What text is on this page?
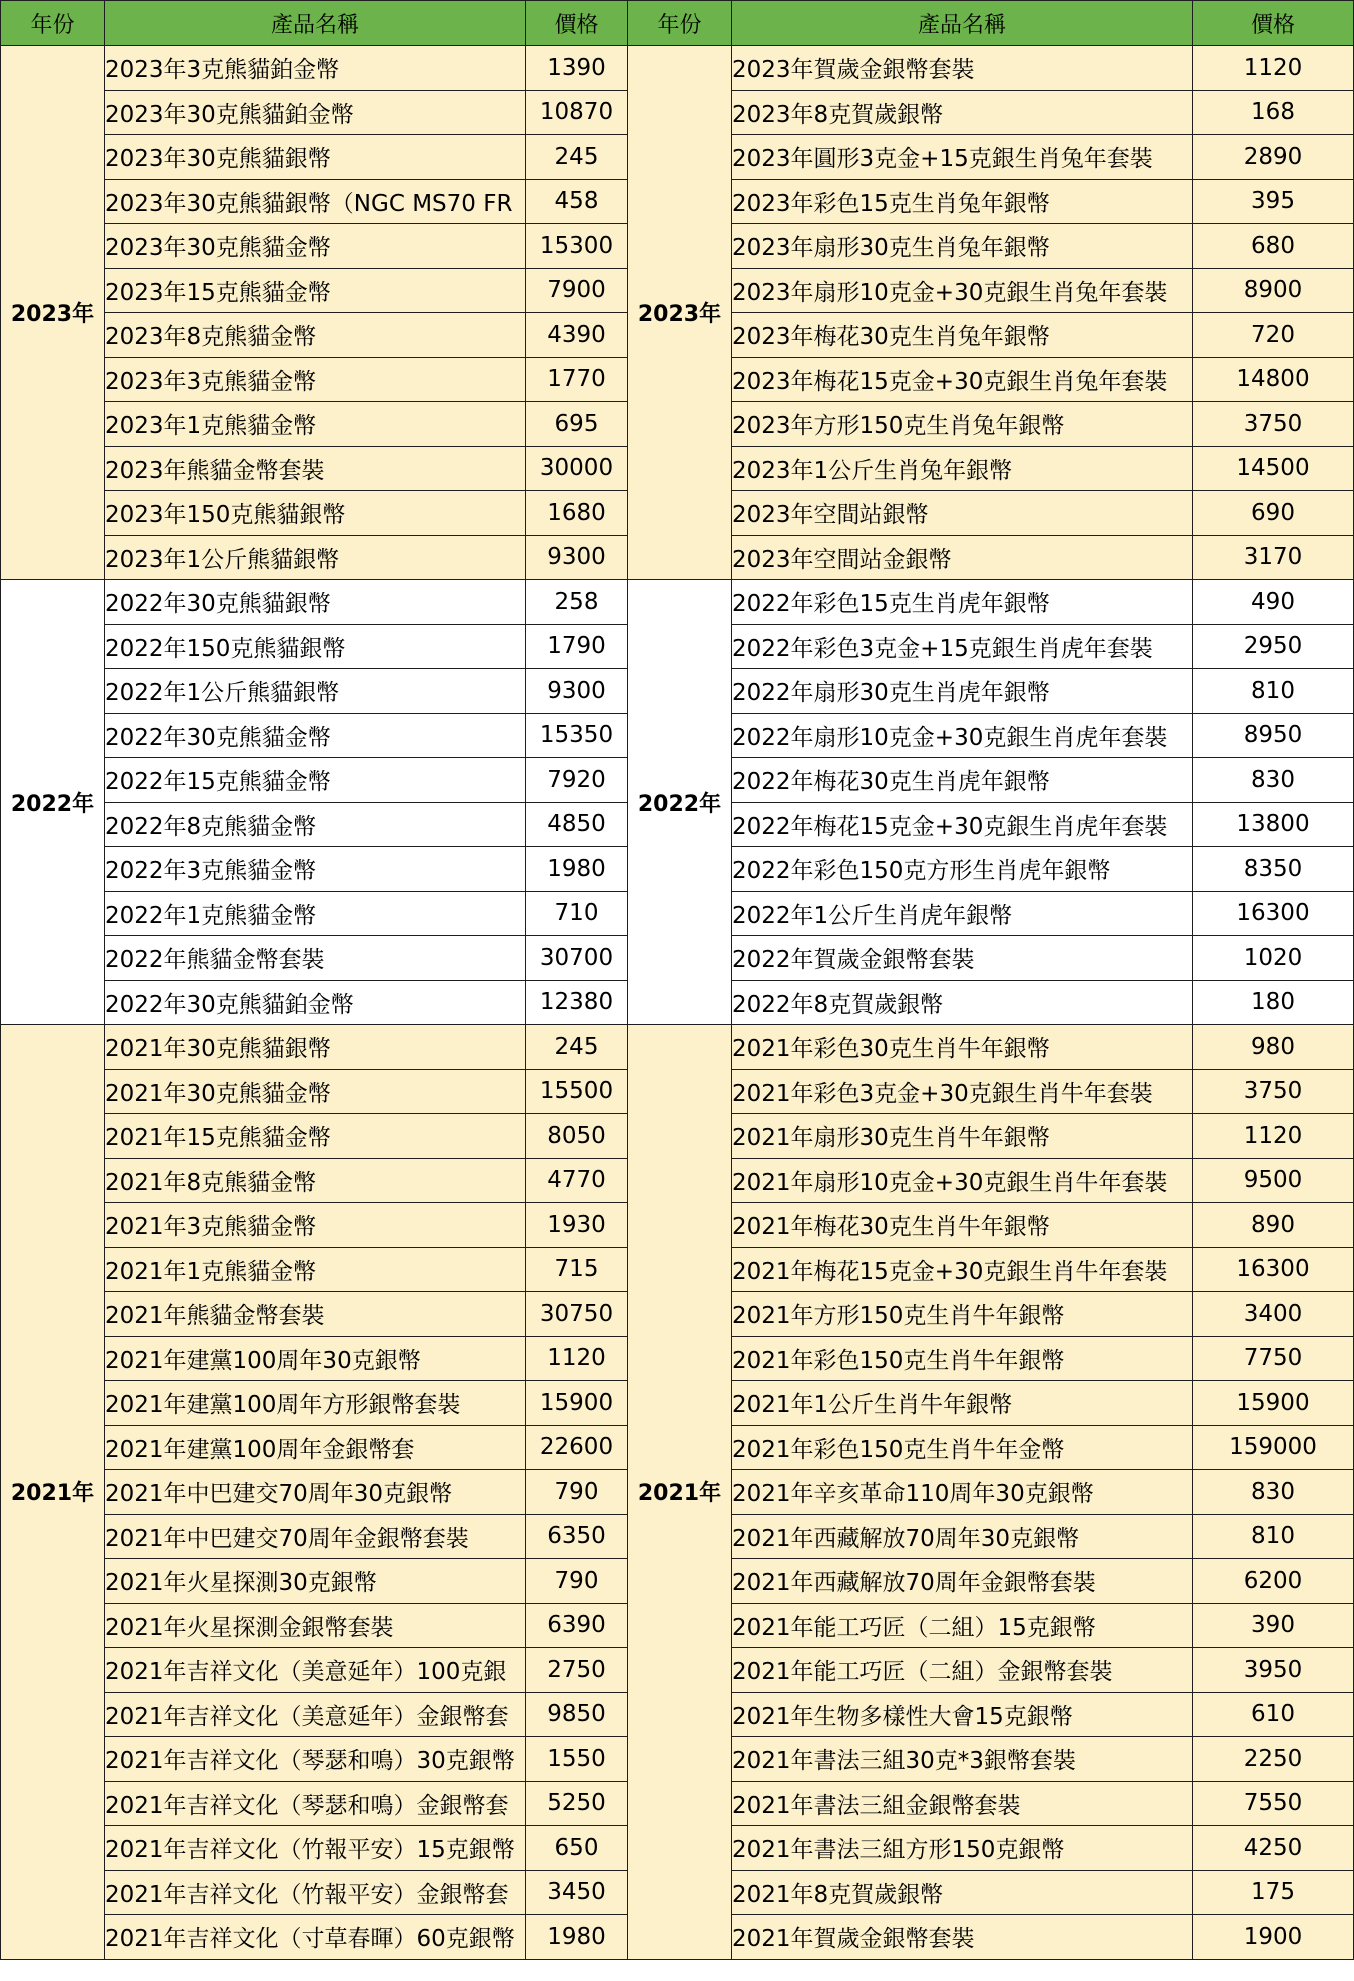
年份	產品名稱	價格	年份	產品名稱	價格
2023年	2023年3克熊貓鉑金幣	1390	2023年	2023年賀歲金銀幣套裝	1120
	2023年30克熊貓鉑金幣	10870		2023年8克賀歲銀幣	168
	2023年30克熊貓銀幣	245		2023年圓形3克金+15克銀生肖兔年套裝	2890
	2023年30克熊貓銀幣（NGC MS70 FR	458		2023年彩色15克生肖兔年銀幣	395
	2023年30克熊貓金幣	15300		2023年扇形30克生肖兔年銀幣	680
	2023年15克熊貓金幣	7900		2023年扇形10克金+30克銀生肖兔年套裝	8900
	2023年8克熊貓金幣	4390		2023年梅花30克生肖兔年銀幣	720
	2023年3克熊貓金幣	1770		2023年梅花15克金+30克銀生肖兔年套裝	14800
	2023年1克熊貓金幣	695		2023年方形150克生肖兔年銀幣	3750
	2023年熊貓金幣套裝	30000		2023年1公斤生肖兔年銀幣	14500
	2023年150克熊貓銀幣	1680		2023年空間站銀幣	690
	2023年1公斤熊貓銀幣	9300		2023年空間站金銀幣	3170
2022年	2022年30克熊貓銀幣	258	2022年	2022年彩色15克生肖虎年銀幣	490
	2022年150克熊貓銀幣	1790		2022年彩色3克金+15克銀生肖虎年套裝	2950
	2022年1公斤熊貓銀幣	9300		2022年扇形30克生肖虎年銀幣	810
	2022年30克熊貓金幣	15350		2022年扇形10克金+30克銀生肖虎年套裝	8950
	2022年15克熊貓金幣	7920		2022年梅花30克生肖虎年銀幣	830
	2022年8克熊貓金幣	4850		2022年梅花15克金+30克銀生肖虎年套裝	13800
	2022年3克熊貓金幣	1980		2022年彩色150克方形生肖虎年銀幣	8350
	2022年1克熊貓金幣	710		2022年1公斤生肖虎年銀幣	16300
	2022年熊貓金幣套裝	30700		2022年賀歲金銀幣套裝	1020
	2022年30克熊貓鉑金幣	12380		2022年8克賀歲銀幣	180
2021年	2021年30克熊貓銀幣	245	2021年	2021年彩色30克生肖牛年銀幣	980
	2021年30克熊貓金幣	15500		2021年彩色3克金+30克銀生肖牛年套裝	3750
	2021年15克熊貓金幣	8050		2021年扇形30克生肖牛年銀幣	1120
	2021年8克熊貓金幣	4770		2021年扇形10克金+30克銀生肖牛年套裝	9500
	2021年3克熊貓金幣	1930		2021年梅花30克生肖牛年銀幣	890
	2021年1克熊貓金幣	715		2021年梅花15克金+30克銀生肖牛年套裝	16300
	2021年熊貓金幣套裝	30750		2021年方形150克生肖牛年銀幣	3400
	2021年建黨100周年30克銀幣	1120		2021年彩色150克生肖牛年銀幣	7750
	2021年建黨100周年方形銀幣套裝	15900		2021年1公斤生肖牛年銀幣	15900
	2021年建黨100周年金銀幣套	22600		2021年彩色150克生肖牛年金幣	159000
	2021年中巴建交70周年30克銀幣	790		2021年辛亥革命110周年30克銀幣	830
	2021年中巴建交70周年金銀幣套裝	6350		2021年西藏解放70周年30克銀幣	810
	2021年火星探測30克銀幣	790		2021年西藏解放70周年金銀幣套裝	6200
	2021年火星探測金銀幣套裝	6390		2021年能工巧匠（二組）15克銀幣	390
	2021年吉祥文化（美意延年）100克銀	2750		2021年能工巧匠（二組）金銀幣套裝	3950
	2021年吉祥文化（美意延年）金銀幣套	9850		2021年生物多樣性大會15克銀幣	610
	2021年吉祥文化（琴瑟和鳴）30克銀幣	1550		2021年書法三組30克*3銀幣套裝	2250
	2021年吉祥文化（琴瑟和鳴）金銀幣套	5250		2021年書法三組金銀幣套裝	7550
	2021年吉祥文化（竹報平安）15克銀幣	650		2021年書法三組方形150克銀幣	4250
	2021年吉祥文化（竹報平安）金銀幣套	3450		2021年8克賀歲銀幣	175
	2021年吉祥文化（寸草春暉）60克銀幣	1980		2021年賀歲金銀幣套裝	1900
